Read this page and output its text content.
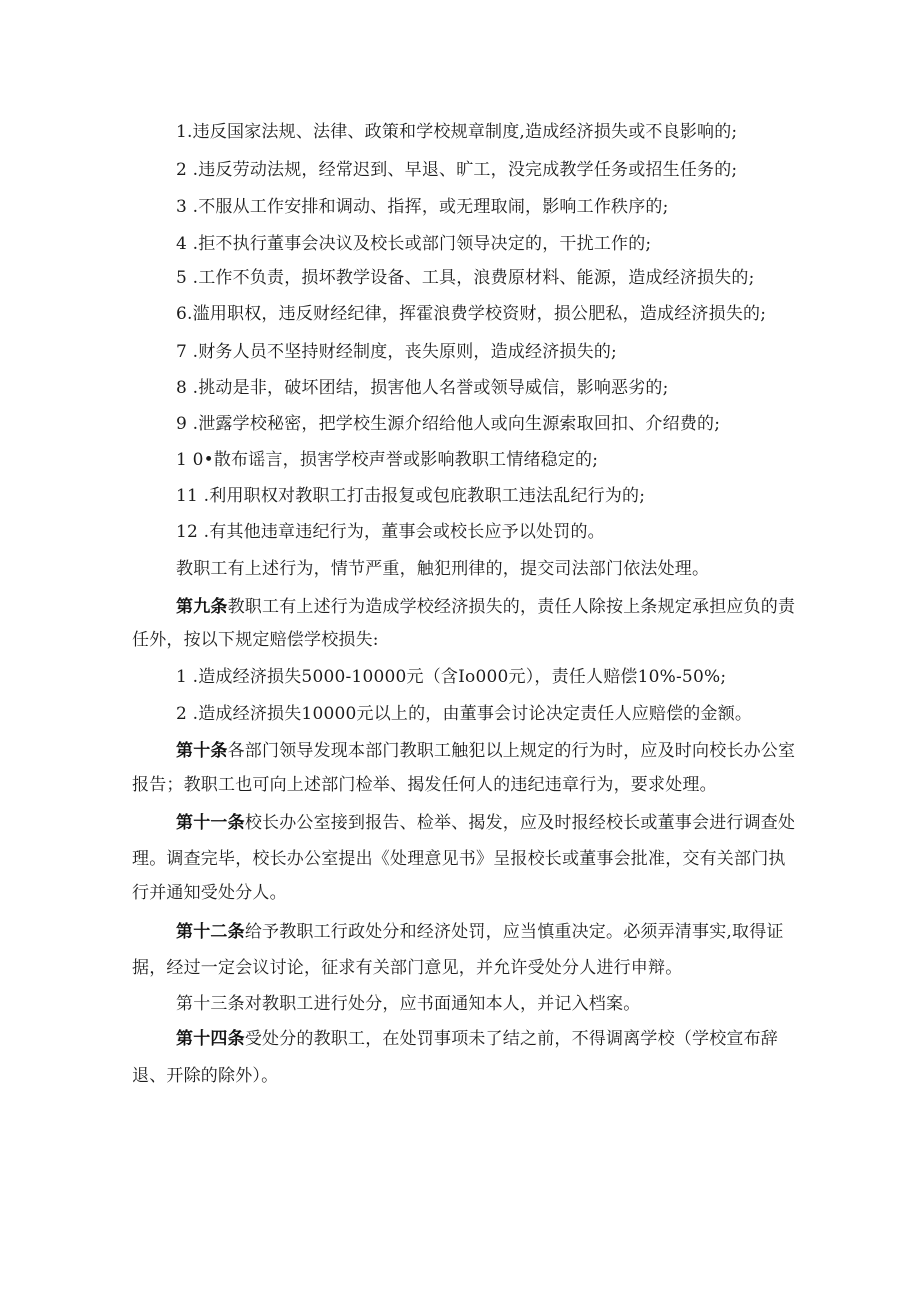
1.违反国家法规、法律、政策和学校规章制度,造成经济损失或不良影响的;
2 .违反劳动法规，经常迟到、早退、旷工，没完成教学任务或招生任务的;
3 .不服从工作安排和调动、指挥，或无理取闹，影响工作秩序的;
4 .拒不执行董事会决议及校长或部门领导决定的，干扰工作的;
5 .工作不负责，损坏教学设备、工具，浪费原材料、能源，造成经济损失的;
6.滥用职权，违反财经纪律，挥霍浪费学校资财，损公肥私，造成经济损失的;
7 .财务人员不坚持财经制度，丧失原则，造成经济损失的;
8 .挑动是非，破坏团结，损害他人名誉或领导威信，影响恶劣的;
9 .泄露学校秘密，把学校生源介绍给他人或向生源索取回扣、介绍费的;
1 0•散布谣言，损害学校声誉或影响教职工情绪稳定的;
11 .利用职权对教职工打击报复或包庇教职工违法乱纪行为的;
12 .有其他违章违纪行为，董事会或校长应予以处罚的。
教职工有上述行为，情节严重，触犯刑律的，提交司法部门依法处理。
第九条教职工有上述行为造成学校经济损失的，责任人除按上条规定承担应负的责
任外，按以下规定赔偿学校损失:
1 .造成经济损失5000-10000元（含Io000元），责任人赔偿10%-50%;
2 .造成经济损失10000元以上的，由董事会讨论决定责任人应赔偿的金额。
第十条各部门领导发现本部门教职工触犯以上规定的行为时，应及时向校长办公室
报告；教职工也可向上述部门检举、揭发任何人的违纪违章行为，要求处理。
第十一条校长办公室接到报告、检举、揭发，应及时报经校长或董事会进行调查处
理。调查完毕，校长办公室提出《处理意见书》呈报校长或董事会批准，交有关部门执
行并通知受处分人。
第十二条给予教职工行政处分和经济处罚，应当慎重决定。必须弄清事实,取得证
据，经过一定会议讨论，征求有关部门意见，并允许受处分人进行申辩。
第十三条对教职工进行处分，应书面通知本人，并记入档案。
第十四条受处分的教职工，在处罚事项未了结之前，不得调离学校（学校宣布辞
退、开除的除外）。
